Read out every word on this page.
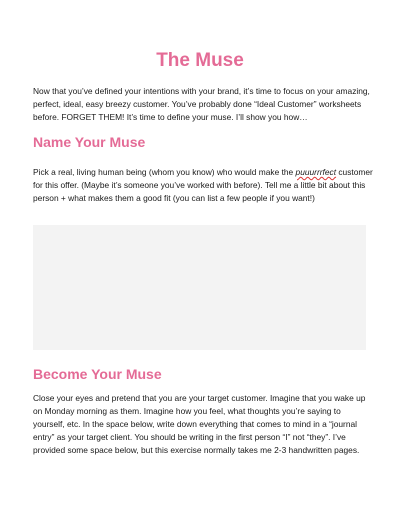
The Muse

Now that you’ve defined your intentions with your brand, it’s time to focus on your amazing, perfect, ideal, easy breezy customer. You’ve probably done “Ideal Customer” worksheets before. FORGET THEM! It’s time to define your muse. I’ll show you how…

Name Your Muse

Pick a real, living human being (whom you know) who would make the puuurrrfect customer for this offer. (Maybe it’s someone you’ve worked with before). Tell me a little bit about this person + what makes them a good fit (you can list a few people if you want!)

Become Your Muse

Close your eyes and pretend that you are your target customer. Imagine that you wake up on Monday morning as them. Imagine how you feel, what thoughts you’re saying to yourself, etc. In the space below, write down everything that comes to mind in a “journal entry” as your target client. You should be writing in the first person “I” not “they”. I’ve provided some space below, but this exercise normally takes me 2-3 handwritten pages.
